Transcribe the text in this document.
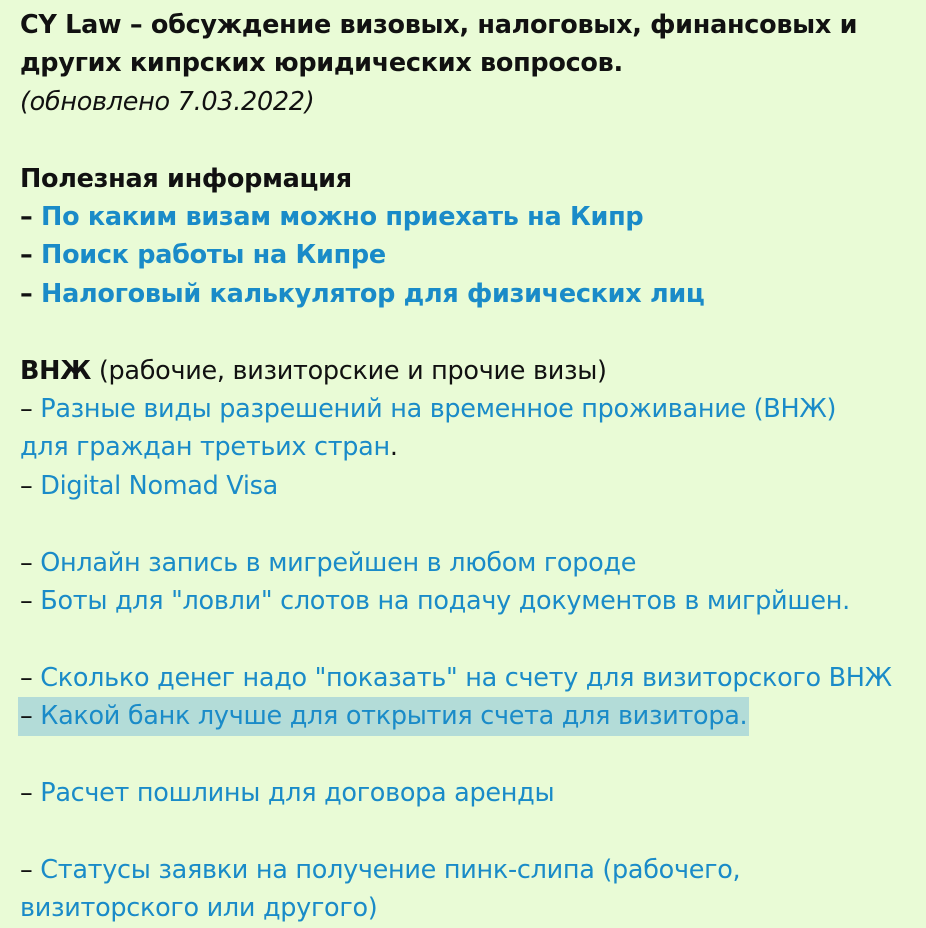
CY Law – обсуждение визовых, налоговых, финансовых и
других кипрских юридических вопросов.
(обновлено 7.03.2022)
Полезная информация
– По каким визам можно приехать на Кипр
– Поиск работы на Кипре
– Налоговый калькулятор для физических лиц
ВНЖ (рабочие, визиторские и прочие визы)
– Разные виды разрешений на временное проживание (ВНЖ)
для граждан третьих стран.
– Digital Nomad Visa
– Онлайн запись в мигрейшен в любом городе
– Боты для "ловли" слотов на подачу документов в мигрйшен.
– Сколько денег надо "показать" на счету для визиторского ВНЖ
– Какой банк лучше для открытия счета для визитора.
– Расчет пошлины для договора аренды
– Статусы заявки на получение пинк-слипа (рабочего,
визиторского или другого)
